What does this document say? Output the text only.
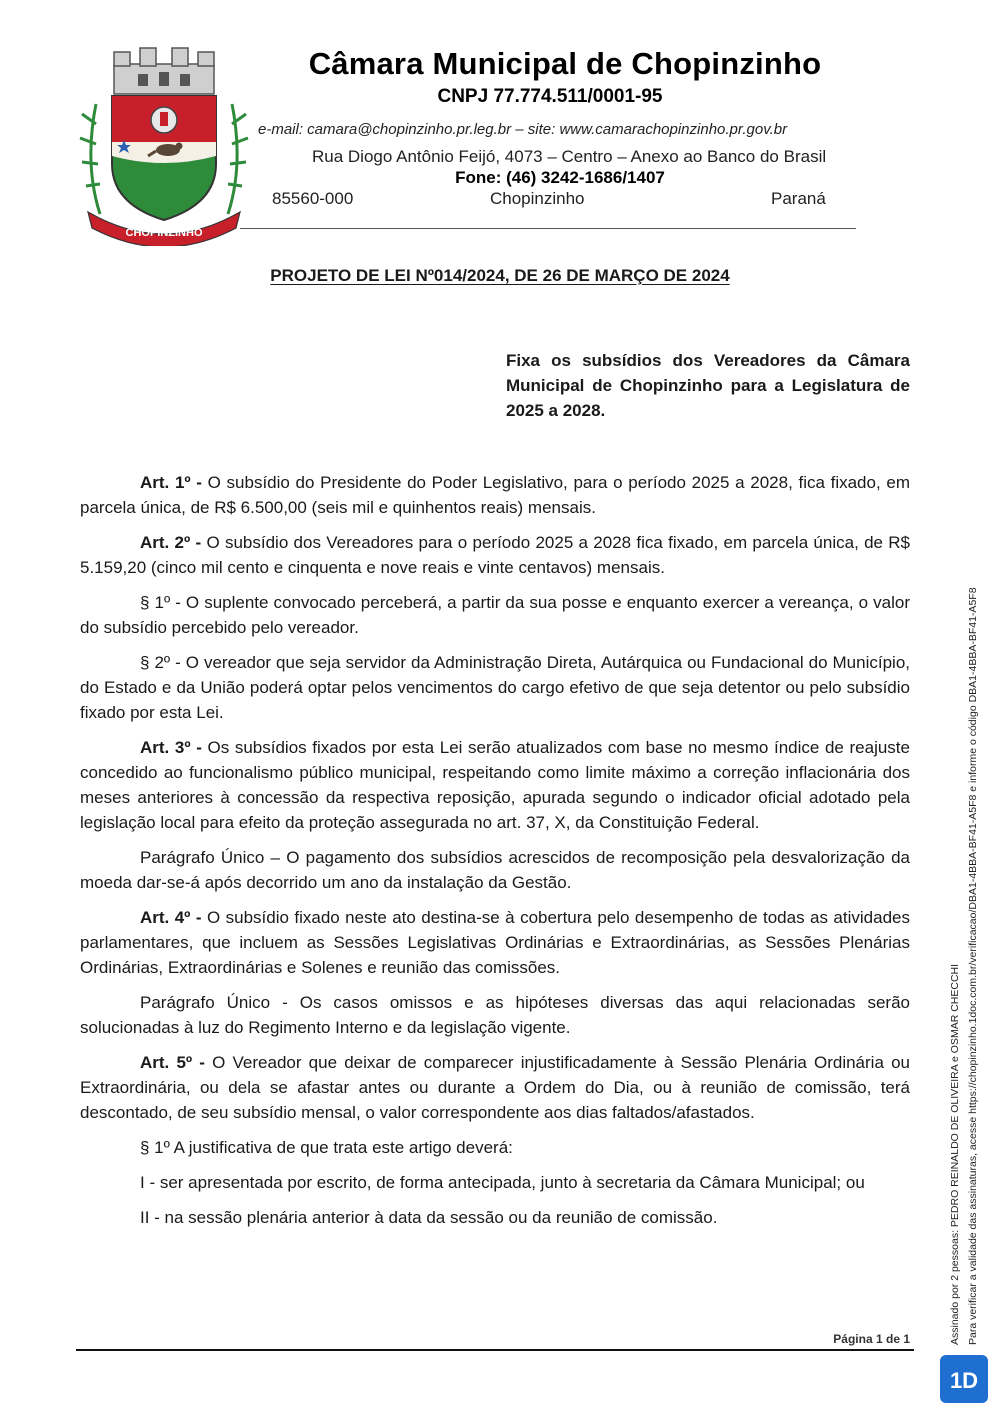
CHOPINZINHO
Câmara Municipal de Chopinzinho
CNPJ 77.774.511/0001-95
e-mail: camara@chopinzinho.pr.leg.br – site: www.camarachopinzinho.pr.gov.br
Rua Diogo Antônio Feijó, 4073 – Centro – Anexo ao Banco do Brasil
Fone: (46) 3242-1686/1407
85560-000	Chopinzinho	Paraná
PROJETO DE LEI Nº014/2024, DE 26 DE MARÇO DE 2024
Fixa os subsídios dos Vereadores da Câmara Municipal de Chopinzinho para a Legislatura de 2025 a 2028.

Art. 1º - O subsídio do Presidente do Poder Legislativo, para o período 2025 a 2028, fica fixado, em parcela única, de R$ 6.500,00 (seis mil e quinhentos reais) mensais.

Art. 2º - O subsídio dos Vereadores para o período 2025 a 2028 fica fixado, em parcela única, de R$ 5.159,20 (cinco mil cento e cinquenta e nove reais e vinte centavos) mensais.

§ 1º - O suplente convocado perceberá, a partir da sua posse e enquanto exercer a vereança, o valor do subsídio percebido pelo vereador.

§ 2º - O vereador que seja servidor da Administração Direta, Autárquica ou Fundacional do Município, do Estado e da União poderá optar pelos vencimentos do cargo efetivo de que seja detentor ou pelo subsídio fixado por esta Lei.

Art. 3º - Os subsídios fixados por esta Lei serão atualizados com base no mesmo índice de reajuste concedido ao funcionalismo público municipal, respeitando como limite máximo a correção inflacionária dos meses anteriores à concessão da respectiva reposição, apurada segundo o indicador oficial adotado pela legislação local para efeito da proteção assegurada no art. 37, X, da Constituição Federal.

Parágrafo Único – O pagamento dos subsídios acrescidos de recomposição pela desvalorização da moeda dar-se-á após decorrido um ano da instalação da Gestão.

Art. 4º - O subsídio fixado neste ato destina-se à cobertura pelo desempenho de todas as atividades parlamentares, que incluem as Sessões Legislativas Ordinárias e Extraordinárias, as Sessões Plenárias Ordinárias, Extraordinárias e Solenes e reunião das comissões.

Parágrafo Único - Os casos omissos e as hipóteses diversas das aqui relacionadas serão solucionadas à luz do Regimento Interno e da legislação vigente.

Art. 5º - O Vereador que deixar de comparecer injustificadamente à Sessão Plenária Ordinária ou Extraordinária, ou dela se afastar antes ou durante a Ordem do Dia, ou à reunião de comissão, terá descontado, de seu subsídio mensal, o valor correspondente aos dias faltados/afastados.

§ 1º A justificativa de que trata este artigo deverá:

I - ser apresentada por escrito, de forma antecipada, junto à secretaria da Câmara Municipal; ou

II - na sessão plenária anterior à data da sessão ou da reunião de comissão.

Página 1 de 1	Assinado por 2 pessoas: PEDRO REINALDO DE OLIVEIRA e OSMAR CHECCHI Para verificar a validade das assinaturas, acesse https://chopinzinho.1doc.com.br/verificacao/DBA1-4BBA-BF41-A5F8 e informe o código DBA1-4BBA-BF41-A5F8
1D
